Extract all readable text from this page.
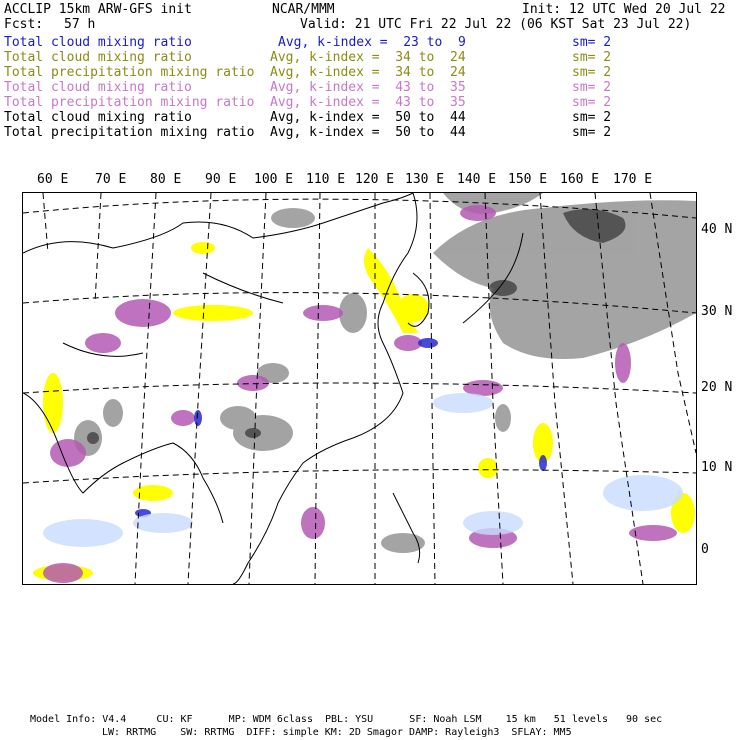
ACCLIP 15km ARW-GFS init	NCAR/MMM	Init: 12 UTC Wed 20 Jul 22
Fcst: 57 h	Valid: 21 UTC Fri 22 Jul 22 (06 KST Sat 23 Jul 22)
Total cloud mixing ratio	Avg, k-index =  23 to  9	sm= 2
Total cloud mixing ratio	Avg, k-index =  34 to  24	sm= 2
Total precipitation mixing ratio Avg, k-index =  34 to  24	sm= 2
Total cloud mixing ratio	Avg, k-index =  43 to  35	sm= 2
Total precipitation mixing ratio Avg, k-index =  43 to  35	sm= 2
Total cloud mixing ratio	Avg, k-index =  50 to  44	sm= 2
Total precipitation mixing ratio Avg, k-index =  50 to  44	sm= 2
60 E 70 E 80 E 90 E 100 E 110 E 120 E 130 E 140 E 150 E 160 E 170 E
40 N
30 N
20 N
10 N
0
Model Info: V4.4     CU: KF      MP: WDM 6class  PBL: YSU      SF: Noah LSM    15 km   51 levels   90 sec
LW: RRTMG    SW: RRTMG  DIFF: simple KM: 2D Smagor DAMP: Rayleigh3  SFLAY: MM5
